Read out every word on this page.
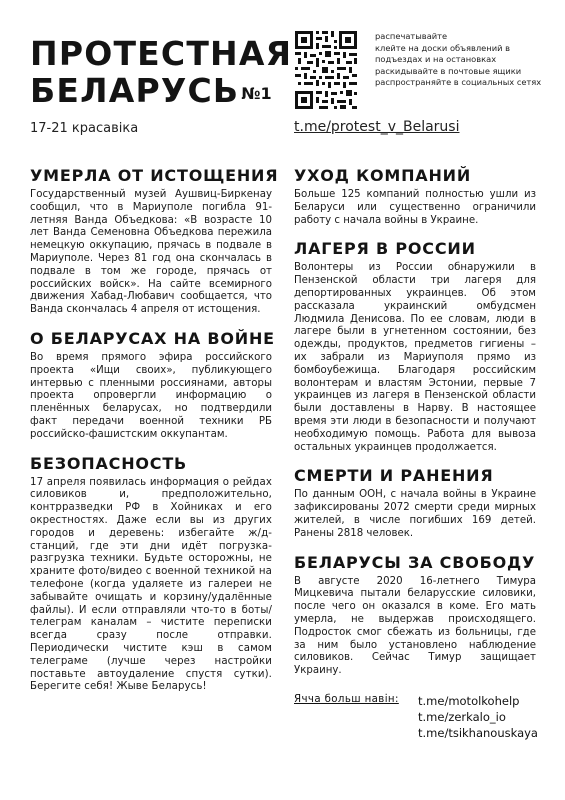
ПРОТЕСТНАЯ
БЕЛАРУСЬ №1
17-21 красавіка
распечатывайте
клейте на доски объявлений в подъездах и на остановках
раскидывайте в почтовые ящики
распространяйте в социальных сетях
t.me/protest_v_Belarusi
УМЕРЛА ОТ ИСТОЩЕНИЯ

Государственный музей Аушвиц-Биркенау сообщил, что в Мариуполе погибла 91-летняя Ванда Объедкова: «В возрасте 10 лет Ванда Семеновна Объедкова пережила немецкую оккупацию, прячась в подвале в Мариуполе. Через 81 год она скончалась в подвале в том же городе, прячась от российских войск». На сайте всемирного движения Хабад-Любавич сообщается, что Ванда скончалась 4 апреля от истощения.

О БЕЛАРУСАХ НА ВОЙНЕ

Во время прямого эфира российского проекта «Ищи своих», публикующего интервью с пленными россиянами, авторы проекта опровергли информацию о пленённых беларусах, но подтвердили факт передачи военной техники РБ российско-фашистским оккупантам.

БЕЗОПАСНОСТЬ

17 апреля появилась информация о рейдах силовиков и, предположительно, контрразведки РФ в Хойниках и его окрестностях. Даже если вы из других городов и деревень: избегайте ж/д-станций, где эти дни идёт погрузка-разгрузка техники. Будьте осторожны, не храните фото/видео с военной техникой на телефоне (когда удаляете из галереи не забывайте очищать и корзину/удалённые файлы). И если отправляли что-то в боты/телеграм каналам – чистите переписки всегда сразу после отправки. Периодически чистите кэш в самом телеграме (лучше через настройки поставьте автоудаление спустя сутки). Берегите себя! Жыве Беларусь!

УХОД КОМПАНИЙ

Больше 125 компаний полностью ушли из Беларуси или существенно ограничили работу с начала войны в Украине.

ЛАГЕРЯ В РОССИИ

Волонтеры из России обнаружили в Пензенской области три лагеря для депортированных украинцев. Об этом рассказала украинский омбудсмен Людмила Денисова. По ее словам, люди в лагере были в угнетенном состоянии, без одежды, продуктов, предметов гигиены – их забрали из Мариуполя прямо из бомбоубежища. Благодаря российским волонтерам и властям Эстонии, первые 7 украинцев из лагеря в Пензенской области были доставлены в Нарву. В настоящее время эти люди в безопасности и получают необходимую помощь. Работа для вывоза остальных украинцев продолжается.

СМЕРТИ И РАНЕНИЯ

По данным ООН, с начала войны в Украине зафиксированы 2072 смерти среди мирных жителей, в числе погибших 169 детей. Ранены 2818 человек.

БЕЛАРУСЫ ЗА СВОБОДУ

В августе 2020 16-летнего Тимура Мицкевича пытали беларусские силовики, после чего он оказался в коме. Его мать умерла, не выдержав происходящего. Подросток смог сбежать из больницы, где за ним было установлено наблюдение силовиков. Сейчас Тимур защищает Украину.

Ячча больш навін: t.me/motolkohelp
t.me/zerkalo_io
t.me/tsikhanouskaya
